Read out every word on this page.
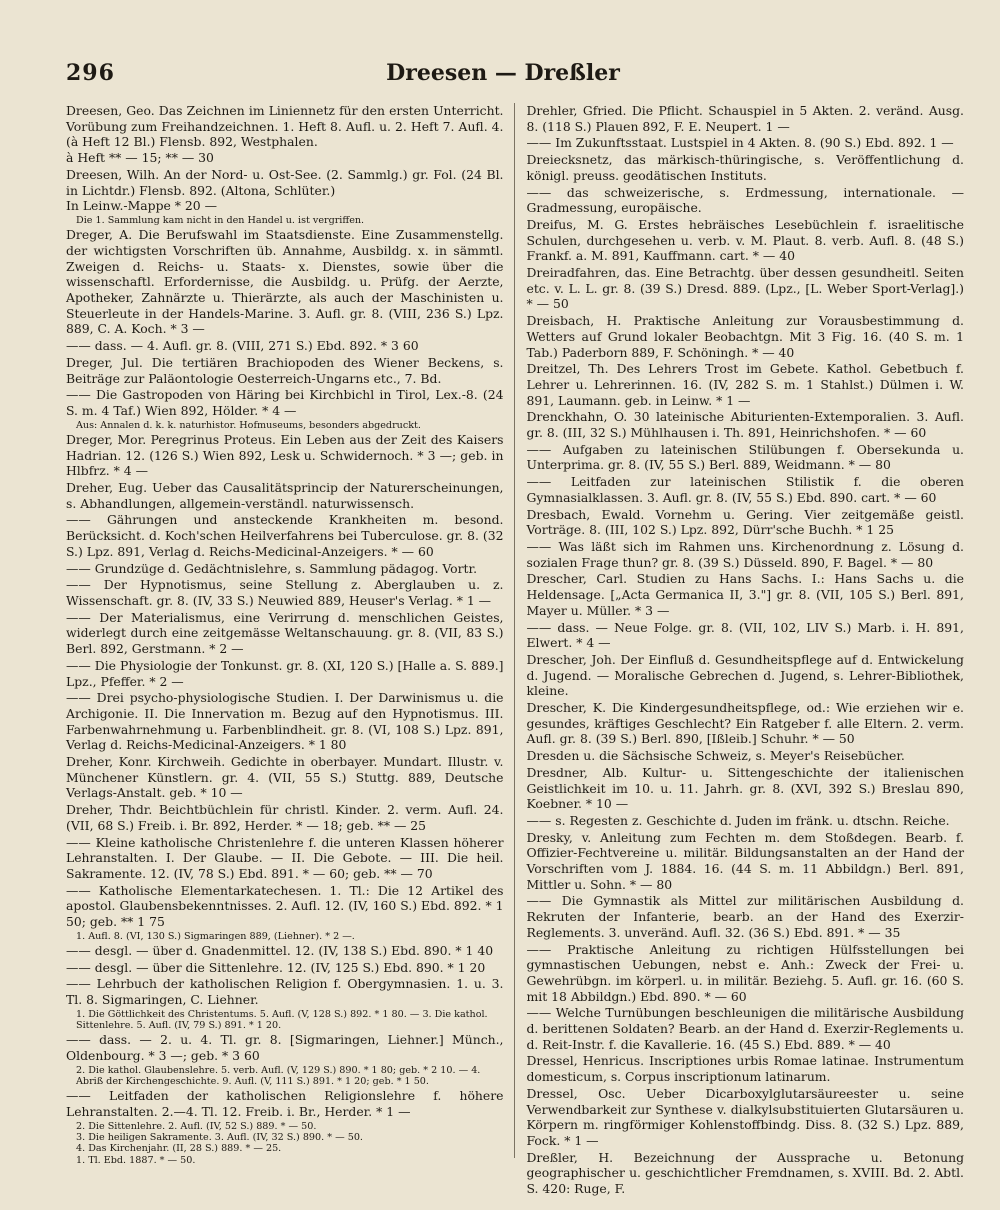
296	Dreesen — Dreßler

Dreesen, Geo. Das Zeichnen im Liniennetz für den ersten Unterricht. Vorübung zum Freihandzeichnen. 1. Heft 8. Aufl. u. 2. Heft 7. Aufl. 4. (à Heft 12 Bl.) Flensb. 892, Westphalen.
à Heft ** — 15; ** — 30

Dreesen, Wilh. An der Nord- u. Ost-See. (2. Sammlg.) gr. Fol. (24 Bl. in Lichtdr.) Flensb. 892. (Altona, Schlüter.)
In Leinw.-Mappe * 20 —

Die 1. Sammlung kam nicht in den Handel u. ist vergriffen.

Dreger, A. Die Berufswahl im Staatsdienste. Eine Zusammenstellg. der wichtigsten Vorschriften üb. Annahme, Ausbildg. x. in sämmtl. Zweigen d. Reichs- u. Staats- x. Dienstes, sowie über die wissenschaftl. Erfordernisse, die Ausbildg. u. Prüfg. der Aerzte, Apotheker, Zahnärzte u. Thierärzte, als auch der Maschinisten u. Steuerleute in der Handels-Marine. 3. Aufl. gr. 8. (VIII, 236 S.) Lpz. 889, C. A. Koch. * 3 —

—— dass. — 4. Aufl. gr. 8. (VIII, 271 S.) Ebd. 892. * 3 60

Dreger, Jul. Die tertiären Brachiopoden des Wiener Beckens, s. Beiträge zur Paläontologie Oesterreich-Ungarns etc., 7. Bd.

—— Die Gastropoden von Häring bei Kirchbichl in Tirol, Lex.-8. (24 S. m. 4 Taf.) Wien 892, Hölder. * 4 —

Aus: Annalen d. k. k. naturhistor. Hofmuseums, besonders abgedruckt.

Dreger, Mor. Peregrinus Proteus. Ein Leben aus der Zeit des Kaisers Hadrian. 12. (126 S.) Wien 892, Lesk u. Schwidernoch. * 3 —; geb. in Hlbfrz. * 4 —

Dreher, Eug. Ueber das Causalitätsprincip der Naturerscheinungen, s. Abhandlungen, allgemein-verständl. naturwissensch.

—— Gährungen und ansteckende Krankheiten m. besond. Berücksicht. d. Koch'schen Heilverfahrens bei Tuberculose. gr. 8. (32 S.) Lpz. 891, Verlag d. Reichs-Medicinal-Anzeigers. * — 60

—— Grundzüge d. Gedächtnislehre, s. Sammlung pädagog. Vortr.

—— Der Hypnotismus, seine Stellung z. Aberglauben u. z. Wissenschaft. gr. 8. (IV, 33 S.) Neuwied 889, Heuser's Verlag. * 1 —

—— Der Materialismus, eine Verirrung d. menschlichen Geistes, widerlegt durch eine zeitgemässe Weltanschauung. gr. 8. (VII, 83 S.) Berl. 892, Gerstmann. * 2 —

—— Die Physiologie der Tonkunst. gr. 8. (XI, 120 S.) [Halle a. S. 889.] Lpz., Pfeffer. * 2 —

—— Drei psycho-physiologische Studien. I. Der Darwinismus u. die Archigonie. II. Die Innervation m. Bezug auf den Hypnotismus. III. Farbenwahrnehmung u. Farbenblindheit. gr. 8. (VI, 108 S.) Lpz. 891, Verlag d. Reichs-Medicinal-Anzeigers. * 1 80

Dreher, Konr. Kirchweih. Gedichte in oberbayer. Mundart. Illustr. v. Münchener Künstlern. gr. 4. (VII, 55 S.) Stuttg. 889, Deutsche Verlags-Anstalt. geb. * 10 —

Dreher, Thdr. Beichtbüchlein für christl. Kinder. 2. verm. Aufl. 24. (VII, 68 S.) Freib. i. Br. 892, Herder. * — 18; geb. ** — 25

—— Kleine katholische Christenlehre f. die unteren Klassen höherer Lehranstalten. I. Der Glaube. — II. Die Gebote. — III. Die heil. Sakramente. 12. (IV, 78 S.) Ebd. 891. * — 60; geb. ** — 70

—— Katholische Elementarkatechesen. 1. Tl.: Die 12 Artikel des apostol. Glaubensbekenntnisses. 2. Aufl. 12. (IV, 160 S.) Ebd. 892. * 1 50; geb. ** 1 75

1. Aufl. 8. (VI, 130 S.) Sigmaringen 889, (Liehner). * 2 —.

—— desgl. — über d. Gnadenmittel. 12. (IV, 138 S.) Ebd. 890. * 1 40

—— desgl. — über die Sittenlehre. 12. (IV, 125 S.) Ebd. 890. * 1 20

—— Lehrbuch der katholischen Religion f. Obergymnasien. 1. u. 3. Tl. 8. Sigmaringen, C. Liehner.

1. Die Göttlichkeit des Christentums. 5. Aufl. (V, 128 S.) 892. * 1 80. — 3. Die kathol. Sittenlehre. 5. Aufl. (IV, 79 S.) 891. * 1 20.

—— dass. — 2. u. 4. Tl. gr. 8. [Sigmaringen, Liehner.] Münch., Oldenbourg. * 3 —; geb. * 3 60

2. Die kathol. Glaubenslehre. 5. verb. Aufl. (V, 129 S.) 890. * 1 80; geb. * 2 10. — 4. Abriß der Kirchengeschichte. 9. Aufl. (V, 111 S.) 891. * 1 20; geb. * 1 50.

—— Leitfaden der katholischen Religionslehre f. höhere Lehranstalten. 2.—4. Tl. 12. Freib. i. Br., Herder. * 1 —

2. Die Sittenlehre. 2. Aufl. (IV, 52 S.) 889. * — 50.
3. Die heiligen Sakramente. 3. Aufl. (IV, 32 S.) 890. * — 50.
4. Das Kirchenjahr. (II, 28 S.) 889. * — 25.
1. Tl. Ebd. 1887. * — 50.

Drehler, Gfried. Die Pflicht. Schauspiel in 5 Akten. 2. veränd. Ausg. 8. (118 S.) Plauen 892, F. E. Neupert. 1 —

—— Im Zukunftsstaat. Lustspiel in 4 Akten. 8. (90 S.) Ebd. 892. 1 —

Dreiecksnetz, das märkisch-thüringische, s. Veröffentlichung d. königl. preuss. geodätischen Instituts.

—— das schweizerische, s. Erdmessung, internationale. — Gradmessung, europäische.

Dreifus, M. G. Erstes hebräisches Lesebüchlein f. israelitische Schulen, durchgesehen u. verb. v. M. Plaut. 8. verb. Aufl. 8. (48 S.) Frankf. a. M. 891, Kauffmann. cart. * — 40

Dreiradfahren, das. Eine Betrachtg. über dessen gesundheitl. Seiten etc. v. L. L. gr. 8. (39 S.) Dresd. 889. (Lpz., [L. Weber Sport-Verlag].) * — 50

Dreisbach, H. Praktische Anleitung zur Vorausbestimmung d. Wetters auf Grund lokaler Beobachtgn. Mit 3 Fig. 16. (40 S. m. 1 Tab.) Paderborn 889, F. Schöningh. * — 40

Dreitzel, Th. Des Lehrers Trost im Gebete. Kathol. Gebetbuch f. Lehrer u. Lehrerinnen. 16. (IV, 282 S. m. 1 Stahlst.) Dülmen i. W. 891, Laumann. geb. in Leinw. * 1 —

Drenckhahn, O. 30 lateinische Abiturienten-Extemporalien. 3. Aufl. gr. 8. (III, 32 S.) Mühlhausen i. Th. 891, Heinrichshofen. * — 60

—— Aufgaben zu lateinischen Stilübungen f. Obersekunda u. Unterprima. gr. 8. (IV, 55 S.) Berl. 889, Weidmann. * — 80

—— Leitfaden zur lateinischen Stilistik f. die oberen Gymnasialklassen. 3. Aufl. gr. 8. (IV, 55 S.) Ebd. 890. cart. * — 60

Dresbach, Ewald. Vornehm u. Gering. Vier zeitgemäße geistl. Vorträge. 8. (III, 102 S.) Lpz. 892, Dürr'sche Buchh. * 1 25

—— Was läßt sich im Rahmen uns. Kirchenordnung z. Lösung d. sozialen Frage thun? gr. 8. (39 S.) Düsseld. 890, F. Bagel. * — 80

Drescher, Carl. Studien zu Hans Sachs. I.: Hans Sachs u. die Heldensage. [„Acta Germanica II, 3."] gr. 8. (VII, 105 S.) Berl. 891, Mayer u. Müller. * 3 —

—— dass. — Neue Folge. gr. 8. (VII, 102, LIV S.) Marb. i. H. 891, Elwert. * 4 —

Drescher, Joh. Der Einfluß d. Gesundheitspflege auf d. Entwickelung d. Jugend. — Moralische Gebrechen d. Jugend, s. Lehrer-Bibliothek, kleine.

Drescher, K. Die Kindergesundheitspflege, od.: Wie erziehen wir e. gesundes, kräftiges Geschlecht? Ein Ratgeber f. alle Eltern. 2. verm. Aufl. gr. 8. (39 S.) Berl. 890, [Ißleib.] Schuhr. * — 50

Dresden u. die Sächsische Schweiz, s. Meyer's Reisebücher.

Dresdner, Alb. Kultur- u. Sittengeschichte der italienischen Geistlichkeit im 10. u. 11. Jahrh. gr. 8. (XVI, 392 S.) Breslau 890, Koebner. * 10 —

—— s. Regesten z. Geschichte d. Juden im fränk. u. dtschn. Reiche.

Dresky, v. Anleitung zum Fechten m. dem Stoßdegen. Bearb. f. Offizier-Fechtvereine u. militär. Bildungsanstalten an der Hand der Vorschriften vom J. 1884. 16. (44 S. m. 11 Abbildgn.) Berl. 891, Mittler u. Sohn. * — 80

—— Die Gymnastik als Mittel zur militärischen Ausbildung d. Rekruten der Infanterie, bearb. an der Hand des Exerzir-Reglements. 3. unveränd. Aufl. 32. (36 S.) Ebd. 891. * — 35

—— Praktische Anleitung zu richtigen Hülfsstellungen bei gymnastischen Uebungen, nebst e. Anh.: Zweck der Frei- u. Gewehrübgn. im körperl. u. in militär. Beziehg. 5. Aufl. gr. 16. (60 S. mit 18 Abbildgn.) Ebd. 890. * — 60

—— Welche Turnübungen beschleunigen die militärische Ausbildung d. berittenen Soldaten? Bearb. an der Hand d. Exerzir-Reglements u. d. Reit-Instr. f. die Kavallerie. 16. (45 S.) Ebd. 889. * — 40

Dressel, Henricus. Inscriptiones urbis Romae latinae. Instrumentum domesticum, s. Corpus inscriptionum latinarum.

Dressel, Osc. Ueber Dicarboxylglutarsäureester u. seine Verwendbarkeit zur Synthese v. dialkylsubstituierten Glutarsäuren u. Körpern m. ringförmiger Kohlenstoffbindg. Diss. 8. (32 S.) Lpz. 889, Fock. * 1 —

Dreßler, H. Bezeichnung der Aussprache u. Betonung geographischer u. geschichtlicher Fremdnamen, s. XVIII. Bd. 2. Abtl. S. 420: Ruge, F.
